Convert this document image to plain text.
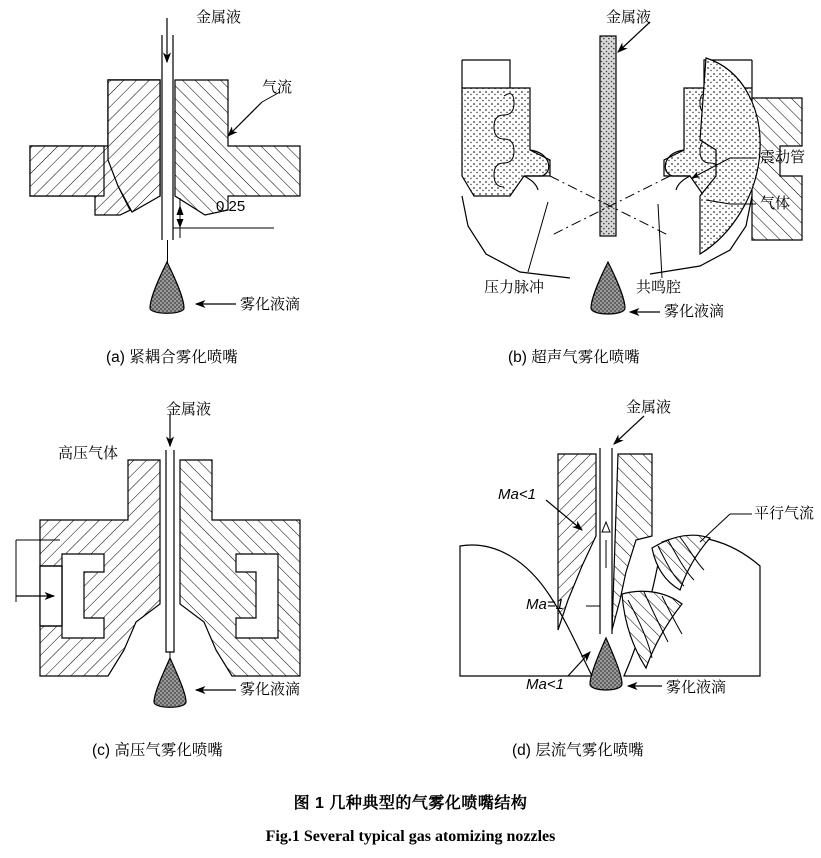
金属液
气流
0.25
雾化液滴
(a) 紧耦合雾化喷嘴
金属液
震动管
气体
压力脉冲	共鸣腔
雾化液滴
(b) 超声气雾化喷嘴
金属液
高压气体
雾化液滴
(c) 高压气雾化喷嘴
金属液
Ma<1
Ma=1
Ma<1
平行气流
雾化液滴
(d) 层流气雾化喷嘴
图 1 几种典型的气雾化喷嘴结构
Fig.1 Several typical gas atomizing nozzles
